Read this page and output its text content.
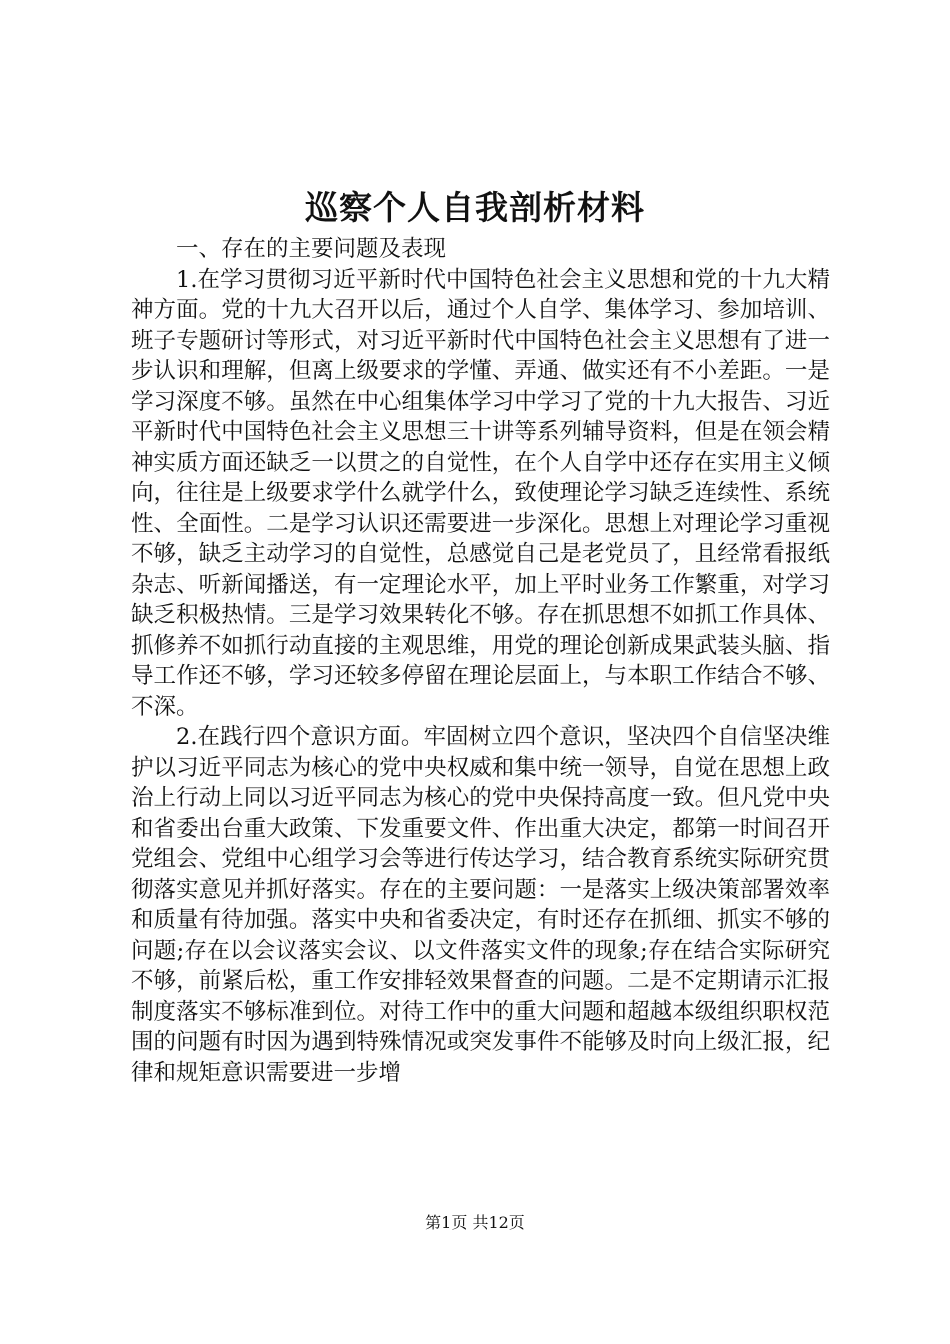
巡察个人自我剖析材料

一、存在的主要问题及表现

1.在学习贯彻习近平新时代中国特色社会主义思想和党的十九大精神方面。党的十九大召开以后，通过个人自学、集体学习、参加培训、班子专题研讨等形式，对习近平新时代中国特色社会主义思想有了进一步认识和理解，但离上级要求的学懂、弄通、做实还有不小差距。一是学习深度不够。虽然在中心组集体学习中学习了党的十九大报告、习近平新时代中国特色社会主义思想三十讲等系列辅导资料，但是在领会精神实质方面还缺乏一以贯之的自觉性，在个人自学中还存在实用主义倾向，往往是上级要求学什么就学什么，致使理论学习缺乏连续性、系统性、全面性。二是学习认识还需要进一步深化。思想上对理论学习重视不够，缺乏主动学习的自觉性，总感觉自己是老党员了，且经常看报纸杂志、听新闻播送，有一定理论水平，加上平时业务工作繁重，对学习缺乏积极热情。三是学习效果转化不够。存在抓思想不如抓工作具体、抓修养不如抓行动直接的主观思维，用党的理论创新成果武装头脑、指导工作还不够，学习还较多停留在理论层面上，与本职工作结合不够、不深。

2.在践行四个意识方面。牢固树立四个意识，坚决四个自信坚决维护以习近平同志为核心的党中央权威和集中统一领导，自觉在思想上政治上行动上同以习近平同志为核心的党中央保持高度一致。但凡党中央和省委出台重大政策、下发重要文件、作出重大决定，都第一时间召开党组会、党组中心组学习会等进行传达学习，结合教育系统实际研究贯彻落实意见并抓好落实。存在的主要问题：一是落实上级决策部署效率和质量有待加强。落实中央和省委决定，有时还存在抓细、抓实不够的问题;存在以会议落实会议、以文件落实文件的现象;存在结合实际研究不够，前紧后松，重工作安排轻效果督查的问题。二是不定期请示汇报制度落实不够标准到位。对待工作中的重大问题和超越本级组织职权范围的问题有时因为遇到特殊情况或突发事件不能够及时向上级汇报，纪律和规矩意识需要进一步增

第1页 共12页
